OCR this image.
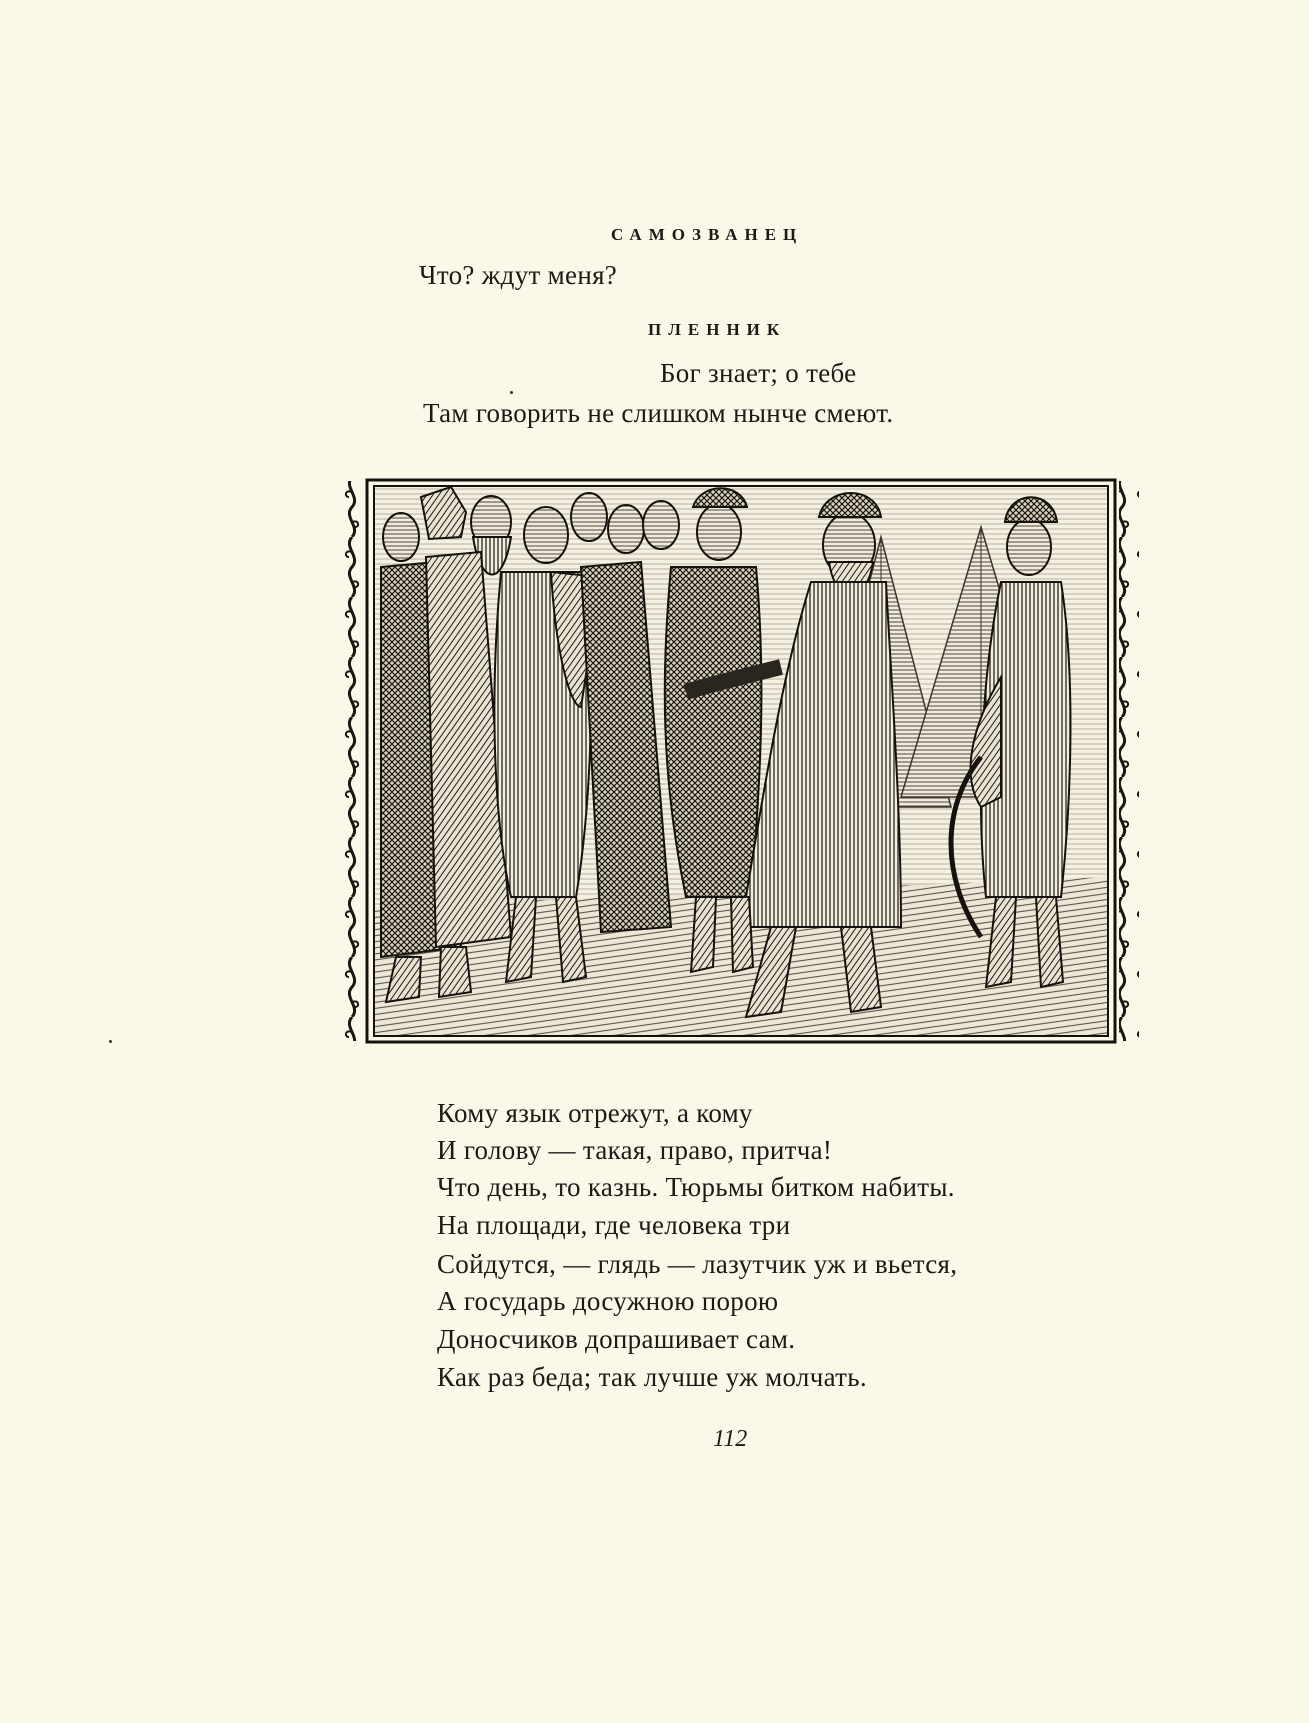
САМОЗВАНЕЦ
Что? ждут меня?
ПЛЕННИК
Бог знает; о тебе
Там говорить не слишком нынче смеют.
Кому язык отрежут, а кому
И голову — такая, право, притча!
Что день, то казнь. Тюрьмы битком набиты.
На площади, где человека три
Сойдутся, — глядь — лазутчик уж и вьется,
А государь досужною порою
Доносчиков допрашивает сам.
Как раз беда; так лучше уж молчать.
112
